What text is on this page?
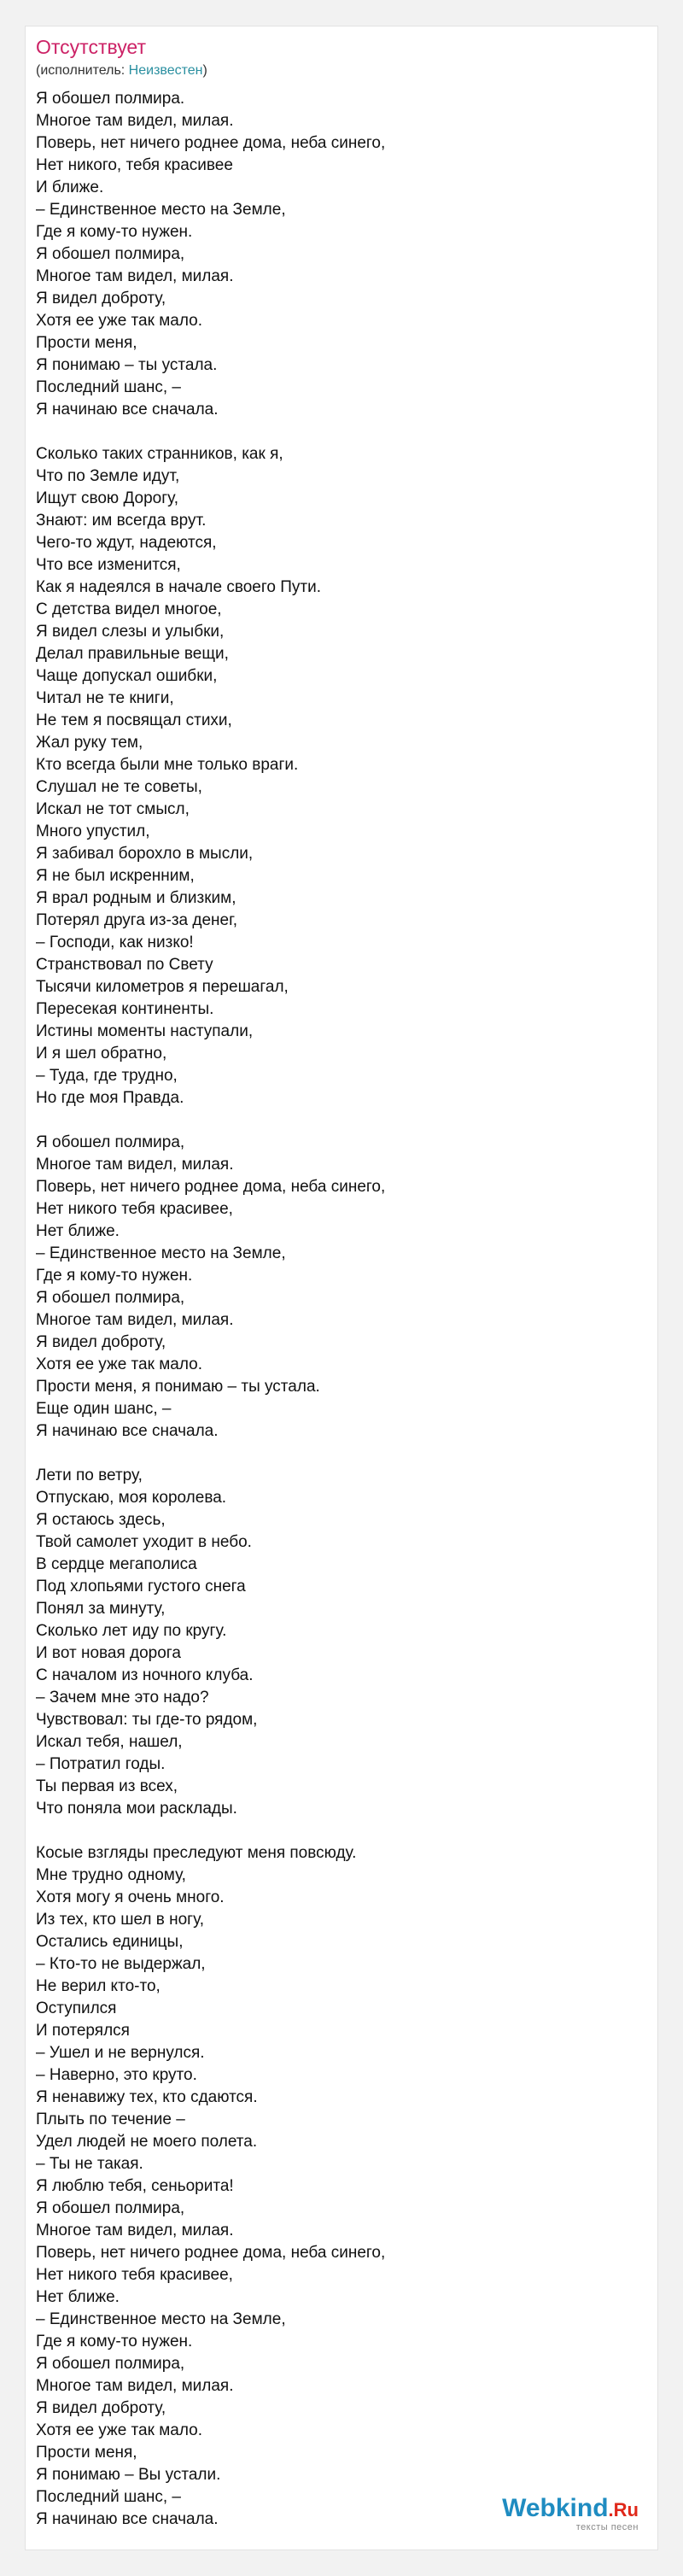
Отсутствует
(исполнитель: Неизвестен)
Я обошел полмира.
Многое там видел, милая.
Поверь, нет ничего роднее дома, неба синего,
Нет никого, тебя красивее
И ближе.
– Единственное место на Земле,
Где я кому-то нужен.
Я обошел полмира,
Многое там видел, милая.
Я видел доброту,
Хотя ее уже так мало.
Прости меня,
Я понимаю – ты устала.
Последний шанс, –
Я начинаю все сначала.
Сколько таких странников, как я,
Что по Земле идут,
Ищут свою Дорогу,
Знают: им всегда врут.
Чего-то ждут, надеются,
Что все изменится,
Как я надеялся в начале своего Пути.
С детства видел многое,
Я видел слезы и улыбки,
Делал правильные вещи,
Чаще допускал ошибки,
Читал не те книги,
Не тем я посвящал стихи,
Жал руку тем,
Кто всегда были мне только враги.
Слушал не те советы,
Искал не тот смысл,
Много упустил,
Я забивал борохло в мысли,
Я не был искренним,
Я врал родным и близким,
Потерял друга из-за денег,
– Господи, как низко!
Странствовал по Свету
Тысячи километров я перешагал,
Пересекая континенты.
Истины моменты наступали,
И я шел обратно,
– Туда, где трудно,
Но где моя Правда.
Я обошел полмира,
Многое там видел, милая.
Поверь, нет ничего роднее дома, неба синего,
Нет никого тебя красивее,
Нет ближе.
– Единственное место на Земле,
Где я кому-то нужен.
Я обошел полмира,
Многое там видел, милая.
Я видел доброту,
Хотя ее уже так мало.
Прости меня, я понимаю – ты устала.
Еще один шанс, –
Я начинаю все сначала.
Лети по ветру,
Отпускаю, моя королева.
Я остаюсь здесь,
Твой самолет уходит в небо.
В сердце мегаполиса
Под хлопьями густого снега
Понял за минуту,
Сколько лет иду по кругу.
И вот новая дорога
С началом из ночного клуба.
– Зачем мне это надо?
Чувствовал: ты где-то рядом,
Искал тебя, нашел,
– Потратил годы.
Ты первая из всех,
Что поняла мои расклады.
Косые взгляды преследуют меня повсюду.
Мне трудно одному,
Хотя могу я очень много.
Из тех, кто шел в ногу,
Остались единицы,
– Кто-то не выдержал,
Не верил кто-то,
Оступился
И потерялся
– Ушел и не вернулся.
– Наверно, это круто.
Я ненавижу тех, кто сдаются.
Плыть по течение –
Удел людей не моего полета.
– Ты не такая.
Я люблю тебя, сеньорита!
Я обошел полмира,
Многое там видел, милая.
Поверь, нет ничего роднее дома, неба синего,
Нет никого тебя красивее,
Нет ближе.
– Единственное место на Земле,
Где я кому-то нужен.
Я обошел полмира,
Многое там видел, милая.
Я видел доброту,
Хотя ее уже так мало.
Прости меня,
Я понимаю – Вы устали.
Последний шанс, –
Я начинаю все сначала.	Webkind.Ru
тексты песен
